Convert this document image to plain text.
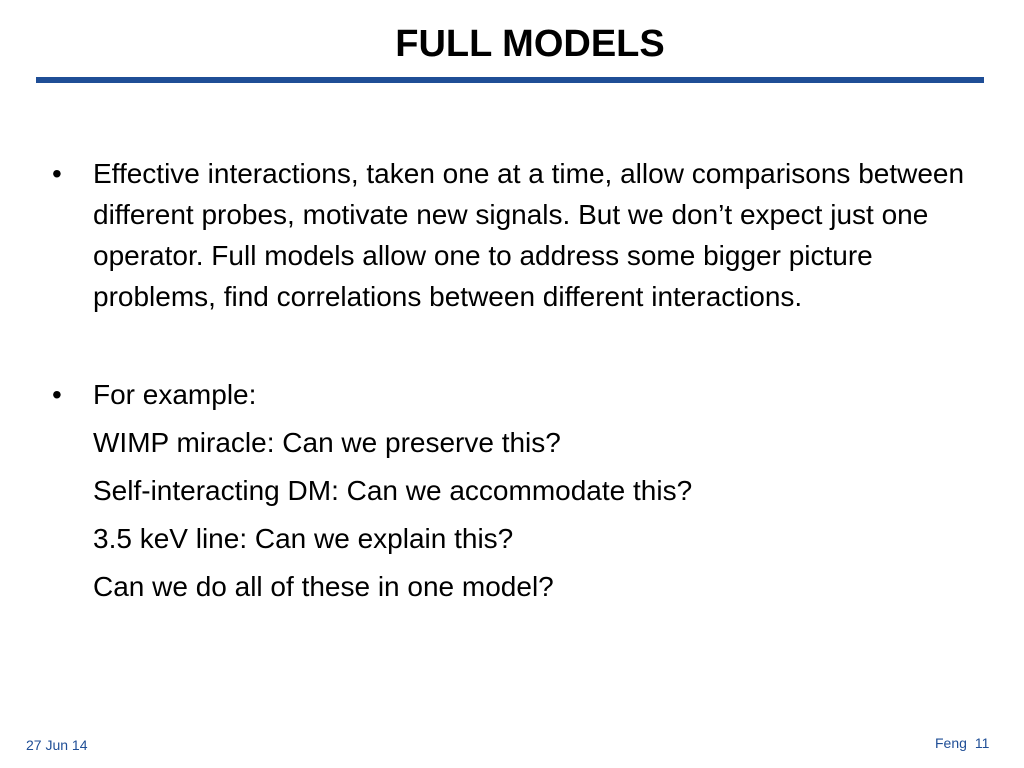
FULL MODELS
•	Effective interactions, taken one at a time, allow comparisons between different probes, motivate new signals. But we don’t expect just one operator. Full models allow one to address some bigger picture problems, find correlations between different interactions.
•	For example:
WIMP miracle: Can we preserve this?
Self-interacting DM: Can we accommodate this?
3.5 keV line: Can we explain this?
Can we do all of these in one model?
27 Jun 14	Feng 11
